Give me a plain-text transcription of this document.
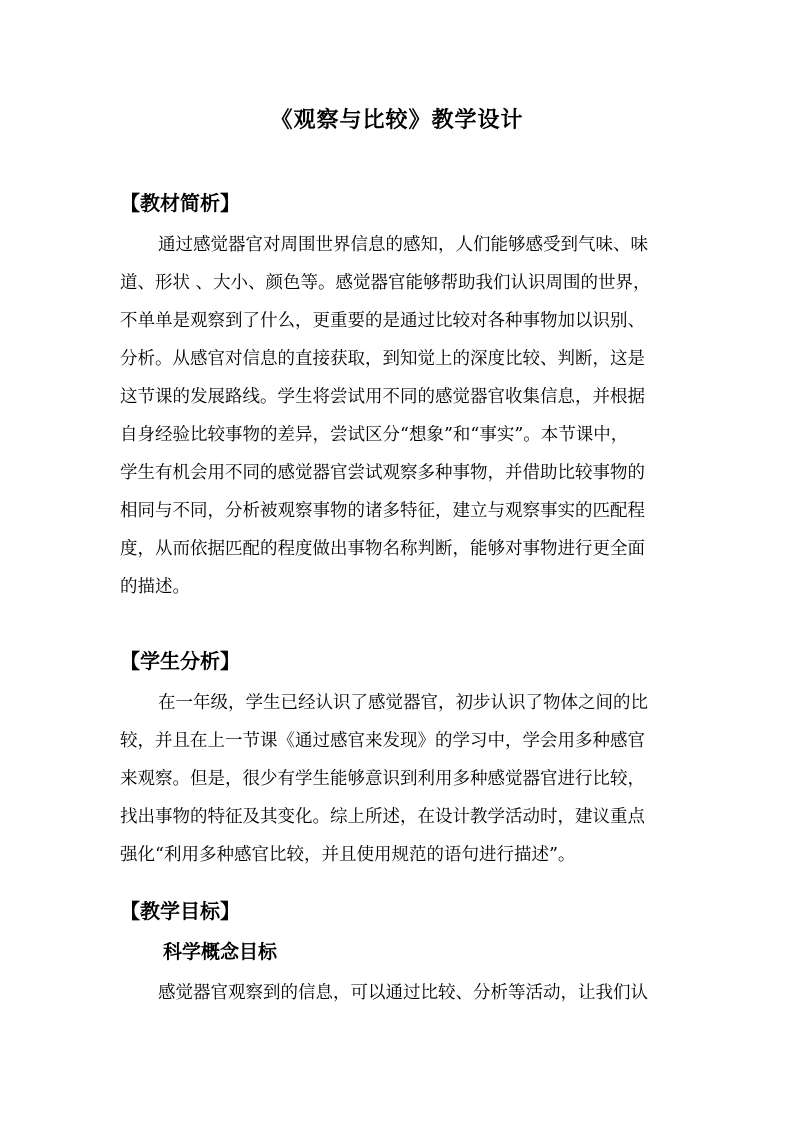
《观察与比较》教学设计
【教材简析】
通过感觉器官对周围世界信息的感知，人们能够感受到气味、味
道、形状 、大小、颜色等。感觉器官能够帮助我们认识周围的世界，
不单单是观察到了什么，更重要的是通过比较对各种事物加以识别、
分析。从感官对信息的直接获取，到知觉上的深度比较、判断，这是
这节课的发展路线。学生将尝试用不同的感觉器官收集信息，并根据
自身经验比较事物的差异，尝试区分“想象”和“事实”。本节课中，
学生有机会用不同的感觉器官尝试观察多种事物，并借助比较事物的
相同与不同，分析被观察事物的诸多特征，建立与观察事实的匹配程
度，从而依据匹配的程度做出事物名称判断，能够对事物进行更全面
的描述。
【学生分析】
在一年级，学生已经认识了感觉器官，初步认识了物体之间的比
较，并且在上一节课《通过感官来发现》的学习中，学会用多种感官
来观察。但是，很少有学生能够意识到利用多种感觉器官进行比较，
找出事物的特征及其变化。综上所述，在设计教学活动时，建议重点
强化“利用多种感官比较，并且使用规范的语句进行描述”。
【教学目标】
科学概念目标
感觉器官观察到的信息，可以通过比较、分析等活动，让我们认
